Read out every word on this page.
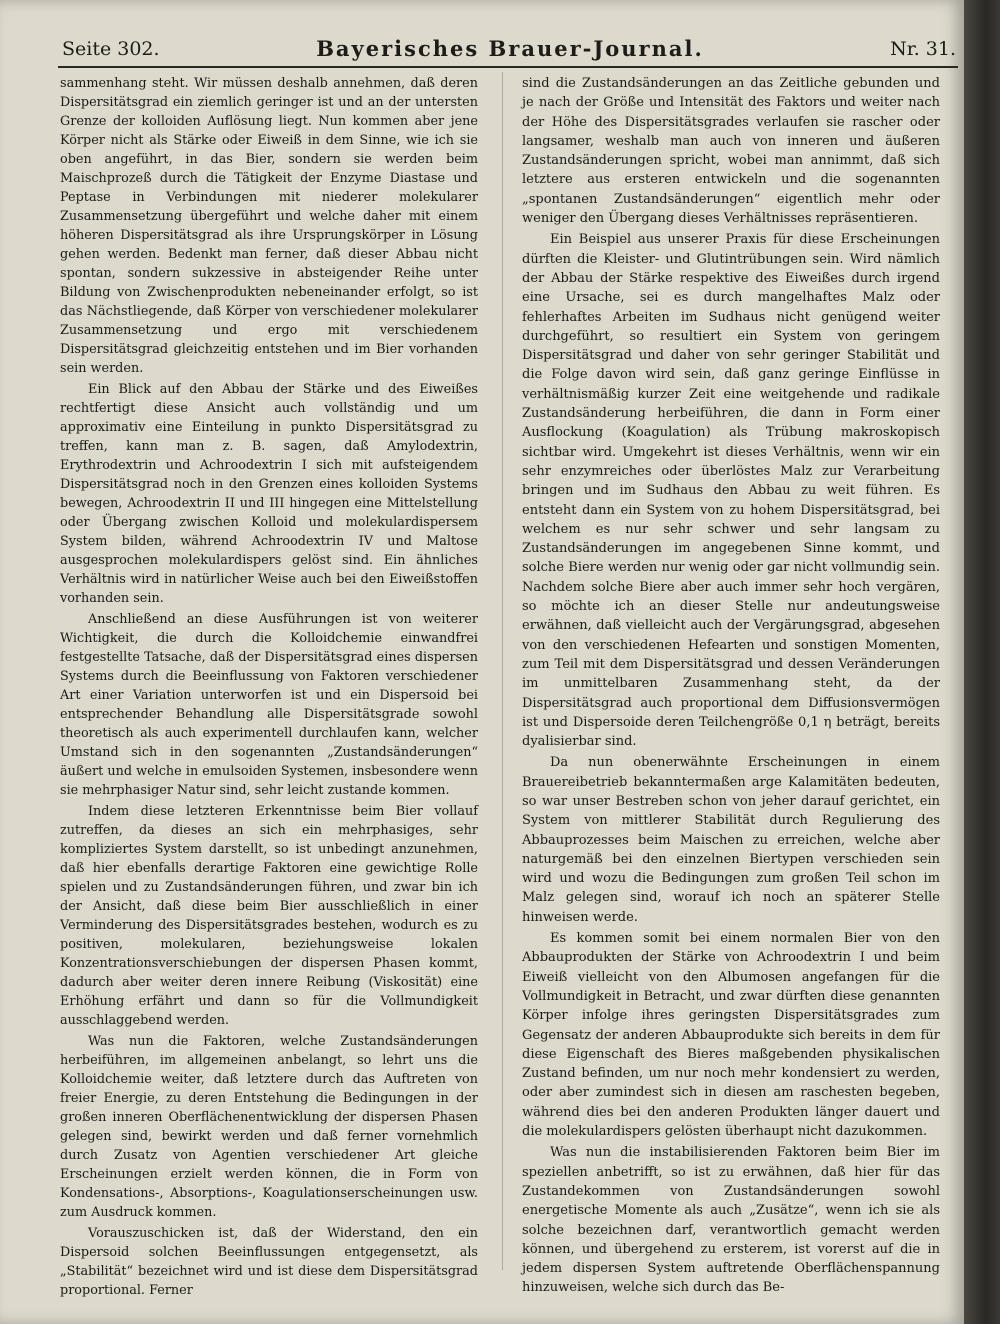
Seite 302.	Bayerisches Brauer-Journal.	Nr. 31.

sammenhang steht. Wir müssen deshalb annehmen, daß deren Dispersitätsgrad ein ziemlich geringer ist und an der untersten Grenze der kolloiden Auflösung liegt. Nun kommen aber jene Körper nicht als Stärke oder Eiweiß in dem Sinne, wie ich sie oben angeführt, in das Bier, sondern sie werden beim Maischprozeß durch die Tätigkeit der Enzyme Diastase und Peptase in Verbindungen mit niederer molekularer Zusammensetzung übergeführt und welche daher mit einem höheren Dispersitätsgrad als ihre Ursprungskörper in Lösung gehen werden. Bedenkt man ferner, daß dieser Abbau nicht spontan, sondern sukzessive in absteigender Reihe unter Bildung von Zwischenprodukten nebeneinander erfolgt, so ist das Nächstliegende, daß Körper von verschiedener molekularer Zusammensetzung und ergo mit verschiedenem Dispersitätsgrad gleichzeitig entstehen und im Bier vorhanden sein werden.

Ein Blick auf den Abbau der Stärke und des Eiweißes rechtfertigt diese Ansicht auch vollständig und um approximativ eine Einteilung in punkto Dispersitätsgrad zu treffen, kann man z. B. sagen, daß Amylodextrin, Erythrodextrin und Achroodextrin I sich mit aufsteigendem Dispersitätsgrad noch in den Grenzen eines kolloiden Systems bewegen, Achroodextrin II und III hingegen eine Mittelstellung oder Übergang zwischen Kolloid und molekulardispersem System bilden, während Achroodextrin IV und Maltose ausgesprochen molekulardispers gelöst sind. Ein ähnliches Verhältnis wird in natürlicher Weise auch bei den Eiweißstoffen vorhanden sein.

Anschließend an diese Ausführungen ist von weiterer Wichtigkeit, die durch die Kolloidchemie einwandfrei festgestellte Tatsache, daß der Dispersitätsgrad eines dispersen Systems durch die Beeinflussung von Faktoren verschiedener Art einer Variation unterworfen ist und ein Dispersoid bei entsprechender Behandlung alle Dispersitätsgrade sowohl theoretisch als auch experimentell durchlaufen kann, welcher Umstand sich in den sogenannten „Zustandsänderungen“ äußert und welche in emulsoiden Systemen, insbesondere wenn sie mehrphasiger Natur sind, sehr leicht zustande kommen.

Indem diese letzteren Erkenntnisse beim Bier vollauf zutreffen, da dieses an sich ein mehrphasiges, sehr kompliziertes System darstellt, so ist unbedingt anzunehmen, daß hier ebenfalls derartige Faktoren eine gewichtige Rolle spielen und zu Zustandsänderungen führen, und zwar bin ich der Ansicht, daß diese beim Bier ausschließlich in einer Verminderung des Dispersitätsgrades bestehen, wodurch es zu positiven, molekularen, beziehungsweise lokalen Konzentrationsverschiebungen der dispersen Phasen kommt, dadurch aber weiter deren innere Reibung (Viskosität) eine Erhöhung erfährt und dann so für die Vollmundigkeit ausschlaggebend werden.

Was nun die Faktoren, welche Zustandsänderungen herbeiführen, im allgemeinen anbelangt, so lehrt uns die Kolloidchemie weiter, daß letztere durch das Auftreten von freier Energie, zu deren Entstehung die Bedingungen in der großen inneren Oberflächenentwicklung der dispersen Phasen gelegen sind, bewirkt werden und daß ferner vornehmlich durch Zusatz von Agentien verschiedener Art gleiche Erscheinungen erzielt werden können, die in Form von Kondensations-, Absorptions-, Koagulationserscheinungen usw. zum Ausdruck kommen.

Vorauszuschicken ist, daß der Widerstand, den ein Dispersoid solchen Beeinflussungen entgegensetzt, als „Stabilität“ bezeichnet wird und ist diese dem Dispersitätsgrad proportional. Ferner

sind die Zustandsänderungen an das Zeitliche gebunden und je nach der Größe und Intensität des Faktors und weiter nach der Höhe des Dispersitätsgrades verlaufen sie rascher oder langsamer, weshalb man auch von inneren und äußeren Zustandsänderungen spricht, wobei man annimmt, daß sich letztere aus ersteren entwickeln und die sogenannten „spontanen Zustandsänderungen“ eigentlich mehr oder weniger den Übergang dieses Verhältnisses repräsentieren.

Ein Beispiel aus unserer Praxis für diese Erscheinungen dürften die Kleister- und Glutintrübungen sein. Wird nämlich der Abbau der Stärke respektive des Eiweißes durch irgend eine Ursache, sei es durch mangelhaftes Malz oder fehlerhaftes Arbeiten im Sudhaus nicht genügend weiter durchgeführt, so resultiert ein System von geringem Dispersitätsgrad und daher von sehr geringer Stabilität und die Folge davon wird sein, daß ganz geringe Einflüsse in verhältnismäßig kurzer Zeit eine weitgehende und radikale Zustandsänderung herbeiführen, die dann in Form einer Ausflockung (Koagulation) als Trübung makroskopisch sichtbar wird. Umgekehrt ist dieses Verhältnis, wenn wir ein sehr enzymreiches oder überlöstes Malz zur Verarbeitung bringen und im Sudhaus den Abbau zu weit führen. Es entsteht dann ein System von zu hohem Dispersitätsgrad, bei welchem es nur sehr schwer und sehr langsam zu Zustandsänderungen im angegebenen Sinne kommt, und solche Biere werden nur wenig oder gar nicht vollmundig sein. Nachdem solche Biere aber auch immer sehr hoch vergären, so möchte ich an dieser Stelle nur andeutungsweise erwähnen, daß vielleicht auch der Vergärungsgrad, abgesehen von den verschiedenen Hefearten und sonstigen Momenten, zum Teil mit dem Dispersitätsgrad und dessen Veränderungen im unmittelbaren Zusammenhang steht, da der Dispersitätsgrad auch proportional dem Diffusionsvermögen ist und Dispersoide deren Teilchengröße 0,1 η beträgt, bereits dyalisierbar sind.

Da nun obenerwähnte Erscheinungen in einem Brauereibetrieb bekanntermaßen arge Kalamitäten bedeuten, so war unser Bestreben schon von jeher darauf gerichtet, ein System von mittlerer Stabilität durch Regulierung des Abbauprozesses beim Maischen zu erreichen, welche aber naturgemäß bei den einzelnen Biertypen verschieden sein wird und wozu die Bedingungen zum großen Teil schon im Malz gelegen sind, worauf ich noch an späterer Stelle hinweisen werde.

Es kommen somit bei einem normalen Bier von den Abbauprodukten der Stärke von Achroodextrin I und beim Eiweiß vielleicht von den Albumosen angefangen für die Vollmundigkeit in Betracht, und zwar dürften diese genannten Körper infolge ihres geringsten Dispersitätsgrades zum Gegensatz der anderen Abbauprodukte sich bereits in dem für diese Eigenschaft des Bieres maßgebenden physikalischen Zustand befinden, um nur noch mehr kondensiert zu werden, oder aber zumindest sich in diesen am raschesten begeben, während dies bei den anderen Produkten länger dauert und die molekulardispers gelösten überhaupt nicht dazukommen.

Was nun die instabilisierenden Faktoren beim Bier im speziellen anbetrifft, so ist zu erwähnen, daß hier für das Zustandekommen von Zustandsänderungen sowohl energetische Momente als auch „Zusätze“, wenn ich sie als solche bezeichnen darf, verantwortlich gemacht werden können, und übergehend zu ersterem, ist vorerst auf die in jedem dispersen System auftretende Oberflächenspannung hinzuweisen, welche sich durch das Be-
